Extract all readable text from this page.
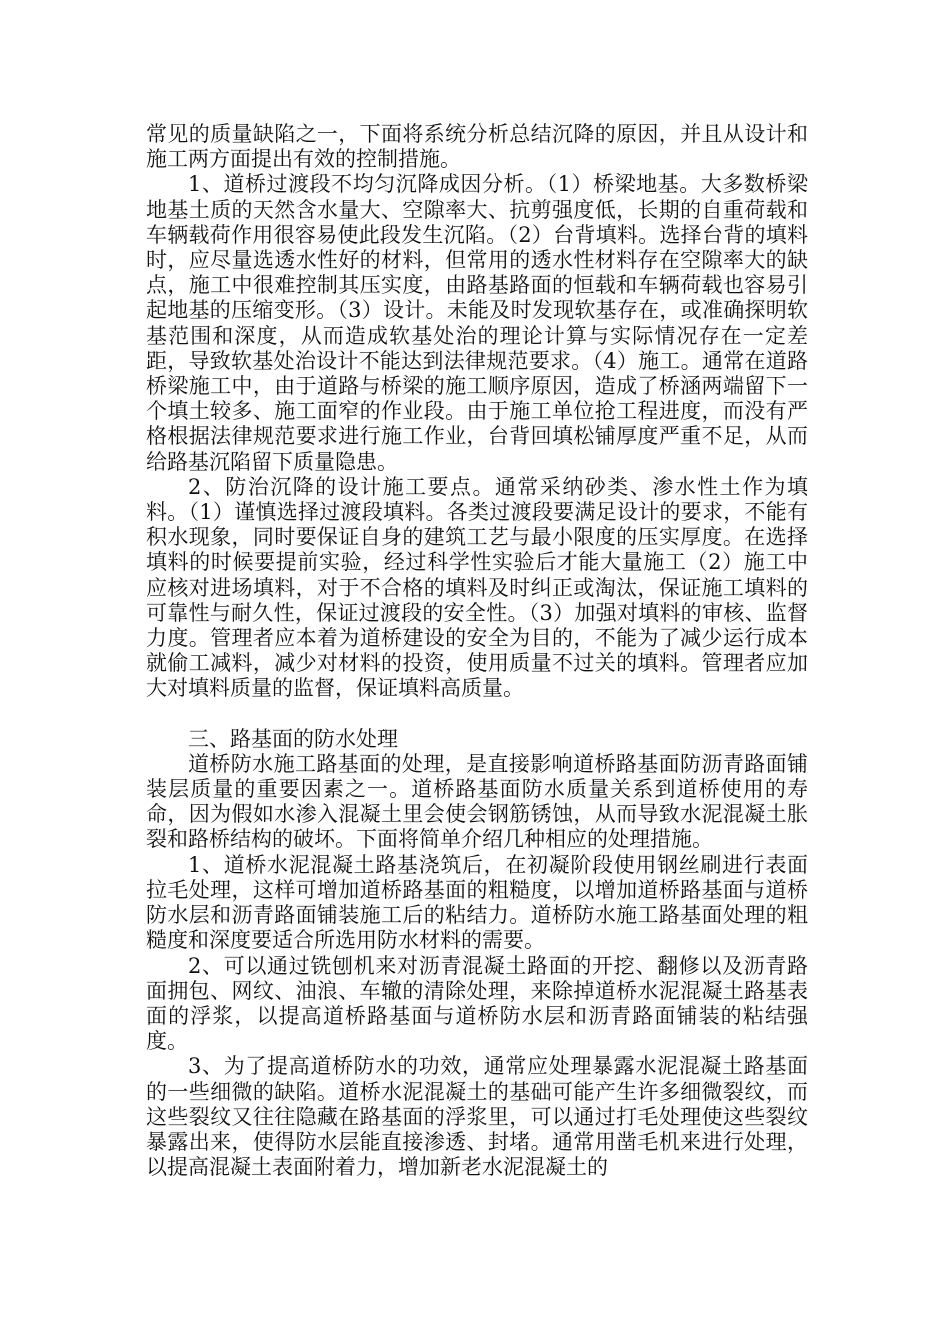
常见的质量缺陷之一，下面将系统分析总结沉降的原因，并且从设计和施工两方面提出有效的控制措施。

1、道桥过渡段不均匀沉降成因分析。（1）桥梁地基。大多数桥梁地基土质的天然含水量大、空隙率大、抗剪强度低，长期的自重荷载和车辆载荷作用很容易使此段发生沉陷。（2）台背填料。选择台背的填料时，应尽量选透水性好的材料，但常用的透水性材料存在空隙率大的缺点，施工中很难控制其压实度，由路基路面的恒载和车辆荷载也容易引起地基的压缩变形。（3）设计。未能及时发现软基存在，或准确探明软基范围和深度，从而造成软基处治的理论计算与实际情况存在一定差距，导致软基处治设计不能达到法律规范要求。（4）施工。通常在道路桥梁施工中，由于道路与桥梁的施工顺序原因，造成了桥涵两端留下一个填土较多、施工面窄的作业段。由于施工单位抢工程进度，而没有严格根据法律规范要求进行施工作业，台背回填松铺厚度严重不足，从而给路基沉陷留下质量隐患。

2、防治沉降的设计施工要点。通常采纳砂类、渗水性土作为填料。（1）谨慎选择过渡段填料。各类过渡段要满足设计的要求，不能有积水现象，同时要保证自身的建筑工艺与最小限度的压实厚度。在选择填料的时候要提前实验，经过科学性实验后才能大量施工（2）施工中应核对进场填料，对于不合格的填料及时纠正或淘汰，保证施工填料的可靠性与耐久性，保证过渡段的安全性。（3）加强对填料的审核、监督力度。管理者应本着为道桥建设的安全为目的，不能为了减少运行成本就偷工减料，减少对材料的投资，使用质量不过关的填料。管理者应加大对填料质量的监督，保证填料高质量。

三、路基面的防水处理

道桥防水施工路基面的处理，是直接影响道桥路基面防沥青路面铺装层质量的重要因素之一。道桥路基面防水质量关系到道桥使用的寿命，因为假如水渗入混凝土里会使会钢筋锈蚀，从而导致水泥混凝土胀裂和路桥结构的破坏。下面将简单介绍几种相应的处理措施。

1、道桥水泥混凝土路基浇筑后，在初凝阶段使用钢丝刷进行表面拉毛处理，这样可增加道桥路基面的粗糙度，以增加道桥路基面与道桥防水层和沥青路面铺装施工后的粘结力。道桥防水施工路基面处理的粗糙度和深度要适合所选用防水材料的需要。

2、可以通过铣刨机来对沥青混凝土路面的开挖、翻修以及沥青路面拥包、网纹、油浪、车辙的清除处理，来除掉道桥水泥混凝土路基表面的浮浆，以提高道桥路基面与道桥防水层和沥青路面铺装的粘结强度。

3、为了提高道桥防水的功效，通常应处理暴露水泥混凝土路基面的一些细微的缺陷。道桥水泥混凝土的基础可能产生许多细微裂纹，而这些裂纹又往往隐藏在路基面的浮浆里，可以通过打毛处理使这些裂纹暴露出来，使得防水层能直接渗透、封堵。通常用凿毛机来进行处理，以提高混凝土表面附着力，增加新老水泥混凝土的
